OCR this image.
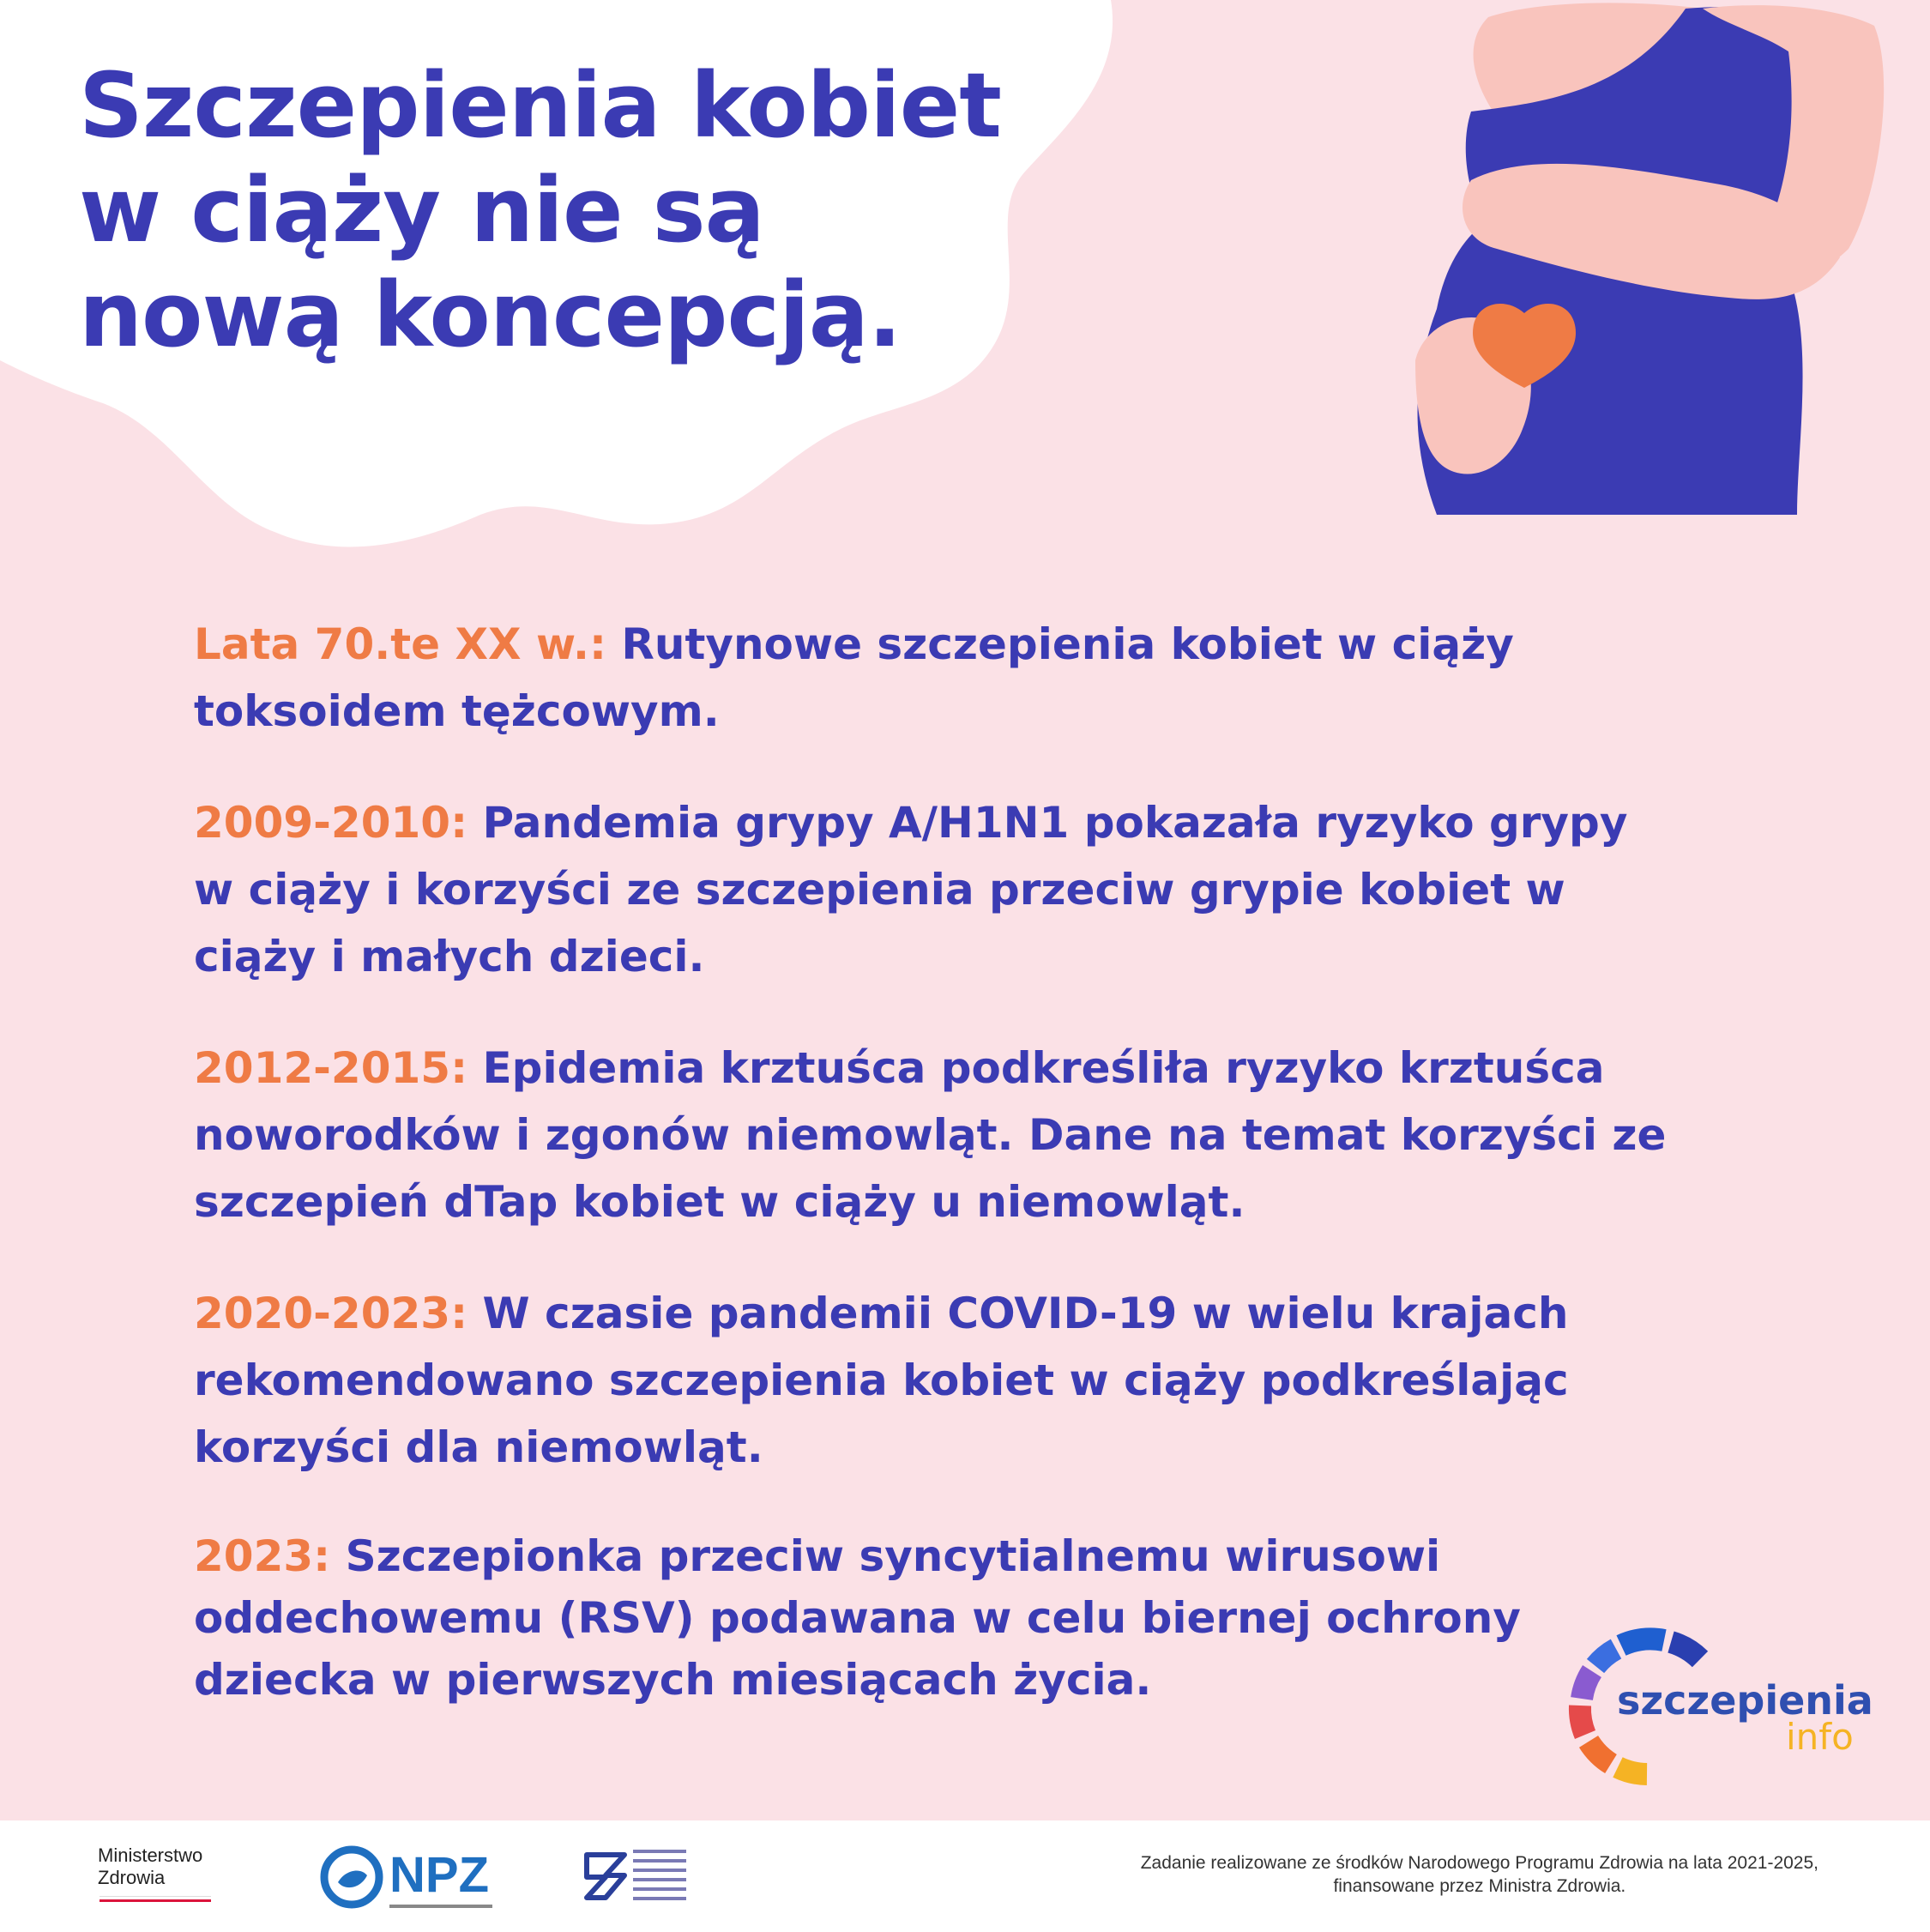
Szczepienia kobiet
w ciąży nie są
nową koncepcją.
Lata 70.te XX w.: Rutynowe szczepienia kobiet w ciąży
toksoidem tężcowym.
2009-2010: Pandemia grypy A/H1N1 pokazała ryzyko grypy
w ciąży i korzyści ze szczepienia przeciw grypie kobiet w
ciąży i małych dzieci.
2012-2015: Epidemia krztuśca podkreśliła ryzyko krztuśca
noworodków i zgonów niemowląt. Dane na temat korzyści ze
szczepień dTap kobiet w ciąży u niemowląt.
2020-2023: W czasie pandemii COVID-19 w wielu krajach
rekomendowano szczepienia kobiet w ciąży podkreślając
korzyści dla niemowląt.
2023: Szczepionka przeciw syncytialnemu wirusowi
oddechowemu (RSV) podawana w celu biernej ochrony
dziecka w pierwszych miesiącach życia.	szczepienia
info
Ministerstwo
Zdrowia	NPZ	Zadanie realizowane ze środków Narodowego Programu Zdrowia na lata 2021-2025,
finansowane przez Ministra Zdrowia.
